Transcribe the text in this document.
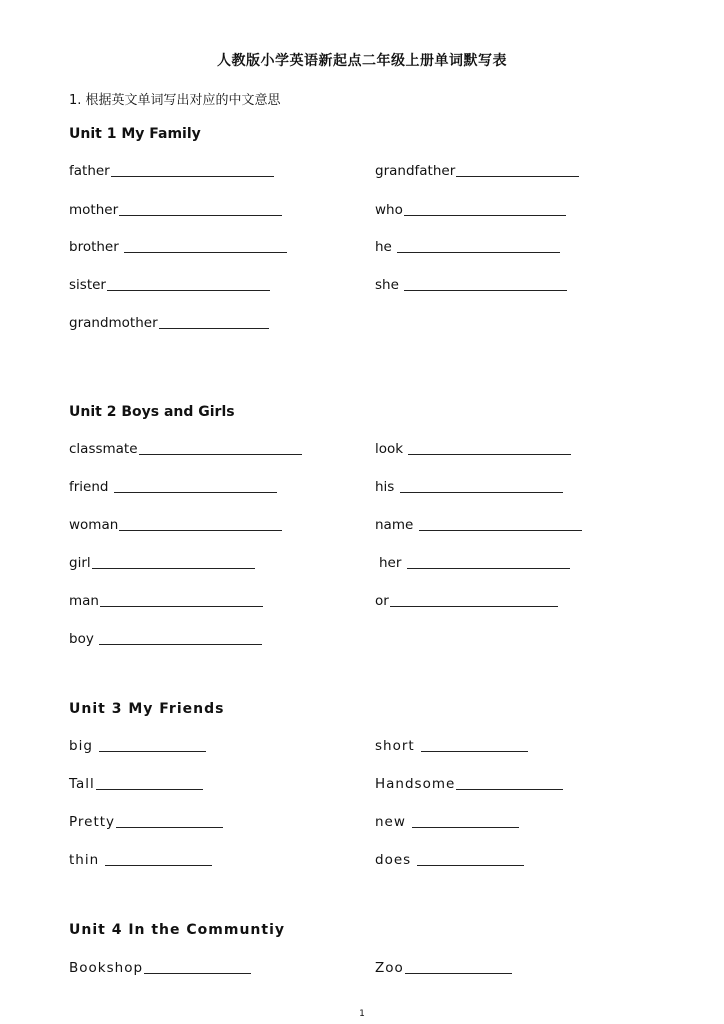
人教版小学英语新起点二年级上册单词默写表
1. 根据英文单词写出对应的中文意思
Unit 1 My Family
father	grandfather
mother	who
brother	he
sister	she
grandmother
Unit 2 Boys and Girls
classmate	look
friend	his
woman	name
girl	her
man	or
boy
Unit 3 My Friends
big	short
Tall	Handsome
Pretty	new
thin	does
Unit 4 In the Communtiy
Bookshop	Zoo
1
